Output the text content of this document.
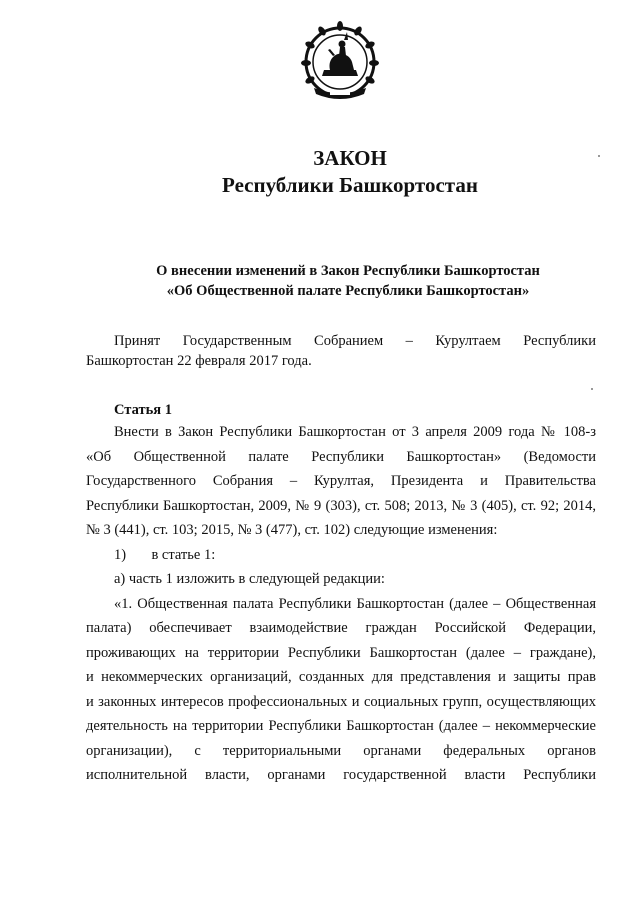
ЗАКОН
Республики Башкортостан
О внесении изменений в Закон Республики Башкортостан
«Об Общественной палате Республики Башкортостан»
Принят Государственным Собранием – Курултаем Республики
Башкортостан 22 февраля 2017 года.
Статья 1
Внести в Закон Республики Башкортостан от 3 апреля 2009 года № 108-з
«Об Общественной палате Республики Башкортостан» (Ведомости
Государственного Собрания – Курултая, Президента и Правительства
Республики Башкортостан, 2009, № 9 (303), ст. 508; 2013, № 3 (405), ст. 92; 2014,
№ 3 (441), ст. 103; 2015, № 3 (477), ст. 102) следующие изменения:
1)       в статье 1:
а) часть 1 изложить в следующей редакции:
«1. Общественная палата Республики Башкортостан (далее – Общественная
палата) обеспечивает взаимодействие граждан Российской Федерации,
проживающих на территории Республики Башкортостан (далее – граждане),
и некоммерческих организаций, созданных для представления и защиты прав
и законных интересов профессиональных и социальных групп, осуществляющих
деятельность на территории Республики Башкортостан (далее – некоммерческие
организации), с территориальными органами федеральных органов
исполнительной власти, органами государственной власти Республики
